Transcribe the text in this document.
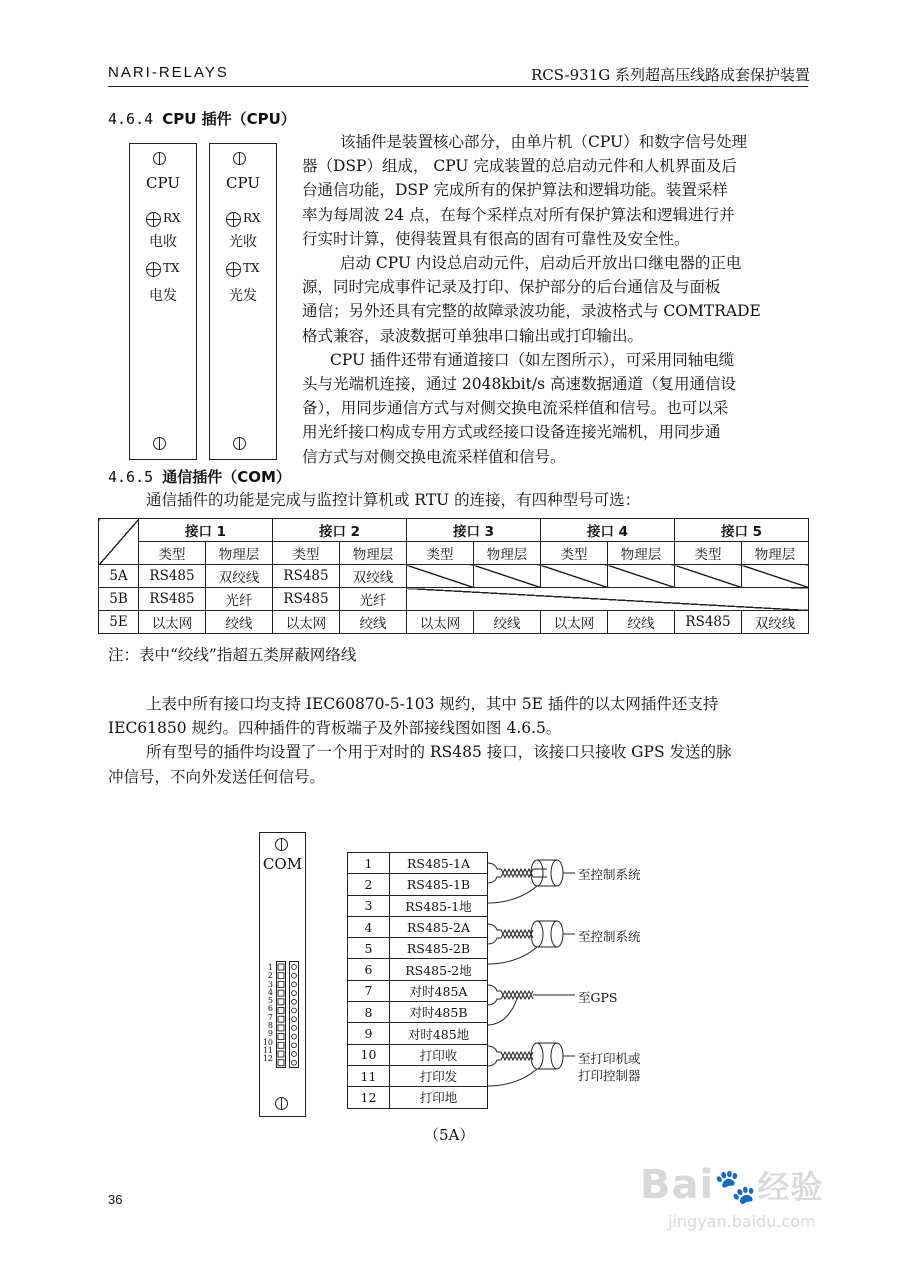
NARI-RELAYS	RCS-931G 系列超高压线路成套保护装置
4.6.4 CPU 插件（CPU）
CPU
RX
电收
TX
电发
CPU
RX
光收
TX
光发
该插件是装置核心部分，由单片机（CPU）和数字信号处理
器（DSP）组成， CPU 完成装置的总启动元件和人机界面及后
台通信功能，DSP 完成所有的保护算法和逻辑功能。装置采样
率为每周波 24 点，在每个采样点对所有保护算法和逻辑进行并
行实时计算，使得装置具有很高的固有可靠性及安全性。
启动 CPU 内设总启动元件，启动后开放出口继电器的正电
源，同时完成事件记录及打印、保护部分的后台通信及与面板
通信；另外还具有完整的故障录波功能，录波格式与 COMTRADE
格式兼容，录波数据可单独串口输出或打印输出。
CPU 插件还带有通道接口（如左图所示），可采用同轴电缆
头与光端机连接，通过 2048kbit/s 高速数据通道（复用通信设
备），用同步通信方式与对侧交换电流采样值和信号。也可以采
用光纤接口构成专用方式或经接口设备连接光端机，用同步通
信方式与对侧交换电流采样值和信号。
4.6.5 通信插件（COM）
通信插件的功能是完成与监控计算机或 RTU 的连接，有四种型号可选：
	接口 1		接口 2		接口 3		接口 4		接口 5	
	类型	物理层	类型	物理层	类型	物理层	类型	物理层	类型	物理层
5A	RS485	双绞线	RS485	双绞线						
5B	RS485	光纤	RS485	光纤						
5E	以太网	绞线	以太网	绞线	以太网	绞线	以太网	绞线	RS485	双绞线
注：表中“绞线”指超五类屏蔽网络线
上表中所有接口均支持 IEC60870-5-103 规约，其中 5E 插件的以太网插件还支持
IEC61850 规约。四种插件的背板端子及外部接线图如图 4.6.5。
所有型号的插件均设置了一个用于对时的 RS485 接口，该接口只接收 GPS 发送的脉
冲信号，不向外发送任何信号。
COM
1
2
3
4
5
6
7
8
9
10
11
12
1	RS485-1A
2	RS485-1B
3	RS485-1地
4	RS485-2A
5	RS485-2B
6	RS485-2地
7	对时485A
8	对时485B
9	对时485地
10	打印收
11	打印发
12	打印地
至控制系统
至控制系统
至GPS
至打印机或
打印控制器
（5A）
36	Bai🐾经验
jingyan.baidu.com
